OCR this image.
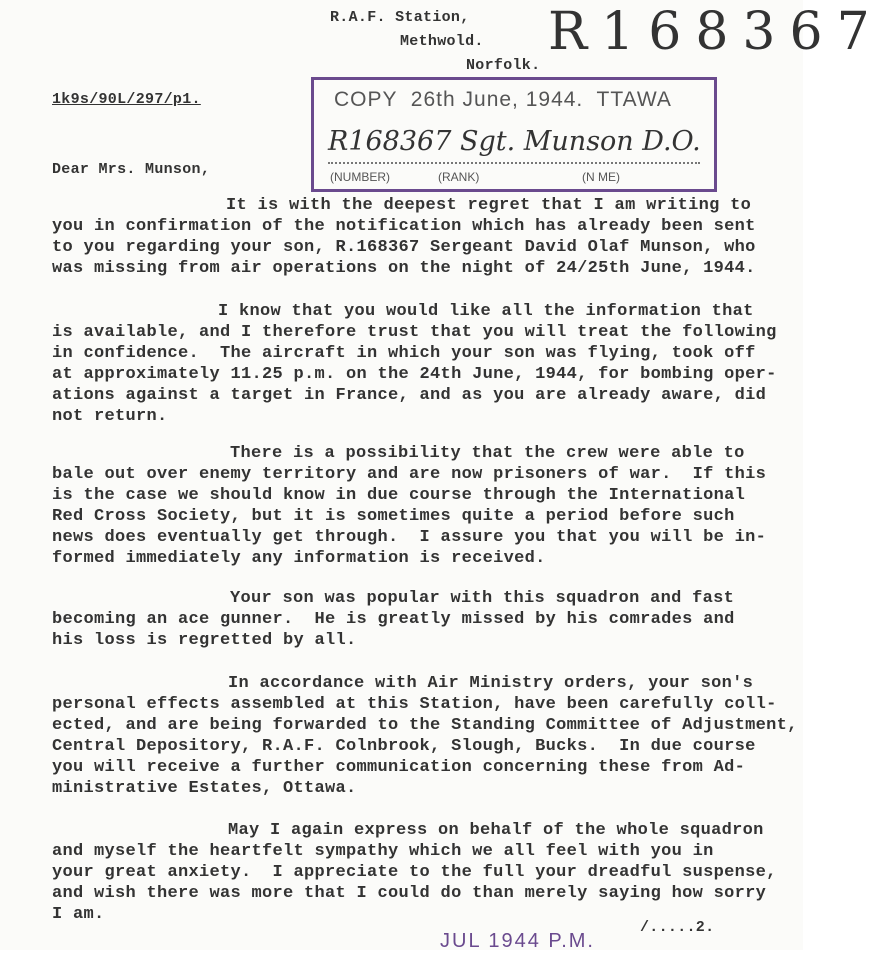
R.A.F. Station,
Methwold.
Norfolk.
R168367
1k9s/90L/297/p1.
Dear Mrs. Munson,
COPY  26th June, 1944.  TTAWA
R168367 Sgt. Munson D.O.
(NUMBER)	(RANK)	(N ME)
It is with the deepest regret that I am writing to
you in confirmation of the notification which has already been sent
to you regarding your son, R.168367 Sergeant David Olaf Munson, who
was missing from air operations on the night of 24/25th June, 1944.
I know that you would like all the information that
is available, and I therefore trust that you will treat the following
in confidence.  The aircraft in which your son was flying, took off
at approximately 11.25 p.m. on the 24th June, 1944, for bombing oper-
ations against a target in France, and as you are already aware, did
not return.
There is a possibility that the crew were able to
bale out over enemy territory and are now prisoners of war.  If this
is the case we should know in due course through the International
Red Cross Society, but it is sometimes quite a period before such
news does eventually get through.  I assure you that you will be in-
formed immediately any information is received.
Your son was popular with this squadron and fast
becoming an ace gunner.  He is greatly missed by his comrades and
his loss is regretted by all.
In accordance with Air Ministry orders, your son's
personal effects assembled at this Station, have been carefully coll-
ected, and are being forwarded to the Standing Committee of Adjustment,
Central Depository, R.A.F. Colnbrook, Slough, Bucks.  In due course
you will receive a further communication concerning these from Ad-
ministrative Estates, Ottawa.
May I again express on behalf of the whole squadron
and myself the heartfelt sympathy which we all feel with you in
your great anxiety.  I appreciate to the full your dreadful suspense,
and wish there was more that I could do than merely saying how sorry
I am.
/.....2.
JUL 1944 P.M.
